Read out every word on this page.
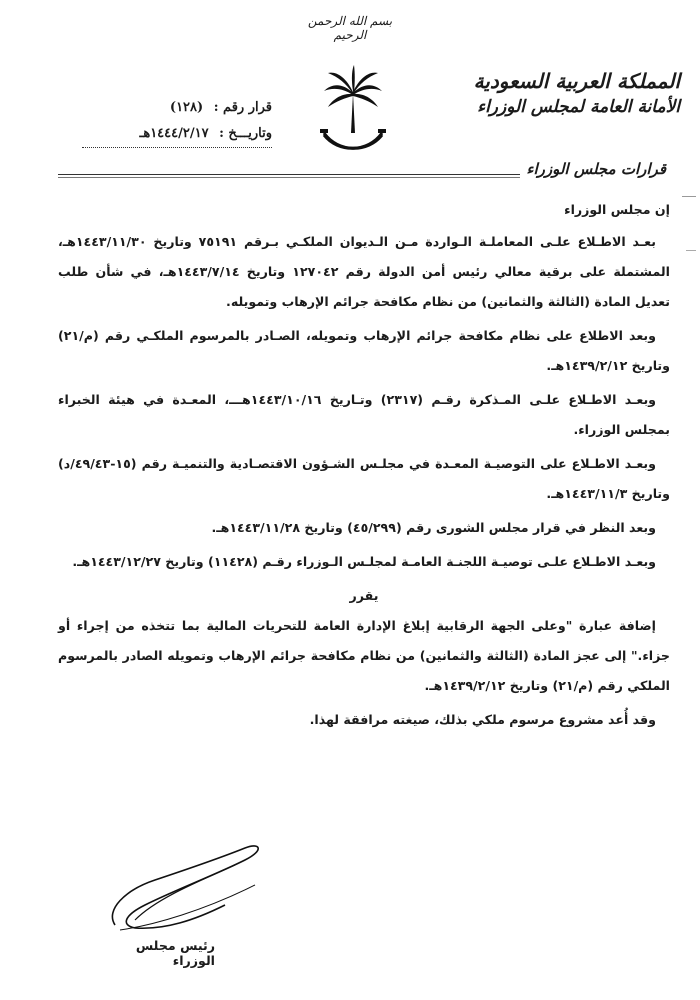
بسم الله الرحمن الرحيم
المملكة العربية السعودية
الأمانة العامة لمجلس الوزراء
قرار رقم : (١٢٨)
وتاريـــخ : ١٤٤٤/٢/١٧هـ
قرارات مجلس الوزراء

إن مجلس الوزراء

بعـد الاطـلاع علـى المعاملـة الـواردة مـن الـديوان الملكـي بـرقم ٧٥١٩١ وتاريخ ١٤٤٣/١١/٣٠هـ، المشتملة على برقية معالي رئيس أمن الدولة رقم ١٢٧٠٤٢ وتاريخ ١٤٤٣/٧/١٤هـ، في شأن طلب تعديل المادة (الثالثة والثمانين) من نظام مكافحة جرائم الإرهاب وتمويله.

وبعد الاطلاع على نظام مكافحة جرائم الإرهاب وتمويله، الصـادر بالمرسوم الملكـي رقم (م/٢١) وتاريخ ١٤٣٩/٢/١٢هـ.

وبعـد الاطـلاع علـى المـذكرة رقـم (٢٣١٧) وتـاريخ ١٤٤٣/١٠/١٦هـــ، المعـدة في هيئة الخبراء بمجلس الوزراء.

وبعـد الاطـلاع على التوصيـة المعـدة في مجلـس الشـؤون الاقتصـادية والتنميـة رقم (١٥-٤٩/٤٣/د) وتاريخ ١٤٤٣/١١/٣هـ.

وبعد النظر في قرار مجلس الشورى رقم (٤٥/٢٩٩) وتاريخ ١٤٤٣/١١/٢٨هـ.

وبعـد الاطـلاع علـى توصيـة اللجنـة العامـة لمجلـس الـوزراء رقـم (١١٤٢٨) وتاريخ ١٤٤٣/١٢/٢٧هـ.

يقرر

إضافة عبارة "وعلى الجهة الرقابية إبلاغ الإدارة العامة للتحريات المالية بما تتخذه من إجراء أو جزاء." إلى عجز المادة (الثالثة والثمانين) من نظام مكافحة جرائم الإرهاب وتمويله الصادر بالمرسوم الملكي رقم (م/٢١) وتاريخ ١٤٣٩/٢/١٢هـ.

وقد أُعد مشروع مرسوم ملكي بذلك، صيغته مرافقة لهذا.

رئيس مجلس الوزراء
